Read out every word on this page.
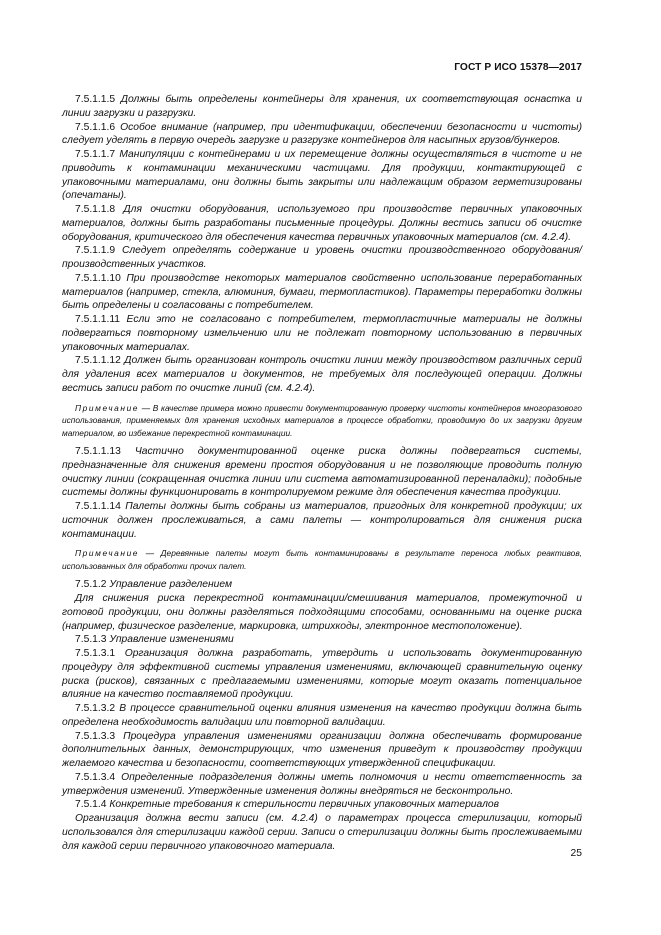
ГОСТ Р ИСО 15378—2017

7.5.1.1.5 Должны быть определены контейнеры для хранения, их соответствующая оснастка и линии загрузки и разгрузки.

7.5.1.1.6 Особое внимание (например, при идентификации, обеспечении безопасности и чистоты) следует уделять в первую очередь загрузке и разгрузке контейнеров для насыпных грузов/бункеров.

7.5.1.1.7 Манипуляции с контейнерами и их перемещение должны осуществляться в чистоте и не приводить к контаминации механическими частицами. Для продукции, контактирующей с упаковочными материалами, они должны быть закрыты или надлежащим образом герметизированы (опечатаны).

7.5.1.1.8 Для очистки оборудования, используемого при производстве первичных упаковочных материалов, должны быть разработаны письменные процедуры. Должны вестись записи об очистке оборудования, критического для обеспечения качества первичных упаковочных материалов (см. 4.2.4).

7.5.1.1.9 Следует определять содержание и уровень очистки производственного оборудования/производственных участков.

7.5.1.1.10 При производстве некоторых материалов свойственно использование переработанных материалов (например, стекла, алюминия, бумаги, термопластиков). Параметры переработки должны быть определены и согласованы с потребителем.

7.5.1.1.11 Если это не согласовано с потребителем, термопластичные материалы не должны подвергаться повторному измельчению или не подлежат повторному использованию в первичных упаковочных материалах.

7.5.1.1.12 Должен быть организован контроль очистки линии между производством различных серий для удаления всех материалов и документов, не требуемых для последующей операции. Должны вестись записи работ по очистке линий (см. 4.2.4).

Примечание — В качестве примера можно привести документированную проверку чистоты контейнеров многоразового использования, применяемых для хранения исходных материалов в процессе обработки, проводимую до их загрузки другим материалом, во избежание перекрестной контаминации.

7.5.1.1.13 Частично документированной оценке риска должны подвергаться системы, предназначенные для снижения времени простоя оборудования и не позволяющие проводить полную очистку линии (сокращенная очистка линии или система автоматизированной переналадки); подобные системы должны функционировать в контролируемом режиме для обеспечения качества продукции.

7.5.1.1.14 Палеты должны быть собраны из материалов, пригодных для конкретной продукции; их источник должен прослеживаться, а сами палеты — контролироваться для снижения риска контаминации.

Примечание — Деревянные палеты могут быть контаминированы в результате переноса любых реактивов, использованных для обработки прочих палет.

7.5.1.2 Управление разделением

Для снижения риска перекрестной контаминации/смешивания материалов, промежуточной и готовой продукции, они должны разделяться подходящими способами, основанными на оценке риска (например, физическое разделение, маркировка, штрихкоды, электронное местоположение).

7.5.1.3 Управление изменениями

7.5.1.3.1 Организация должна разработать, утвердить и использовать документированную процедуру для эффективной системы управления изменениями, включающей сравнительную оценку риска (рисков), связанных с предлагаемыми изменениями, которые могут оказать потенциальное влияние на качество поставляемой продукции.

7.5.1.3.2 В процессе сравнительной оценки влияния изменения на качество продукции должна быть определена необходимость валидации или повторной валидации.

7.5.1.3.3 Процедура управления изменениями организации должна обеспечивать формирование дополнительных данных, демонстрирующих, что изменения приведут к производству продукции желаемого качества и безопасности, соответствующих утвержденной спецификации.

7.5.1.3.4 Определенные подразделения должны иметь полномочия и нести ответственность за утверждения изменений. Утвержденные изменения должны внедряться не бесконтрольно.

7.5.1.4 Конкретные требования к стерильности первичных упаковочных материалов

Организация должна вести записи (см. 4.2.4) о параметрах процесса стерилизации, который использовался для стерилизации каждой серии. Записи о стерилизации должны быть прослеживаемыми для каждой серии первичного упаковочного материала.

25
